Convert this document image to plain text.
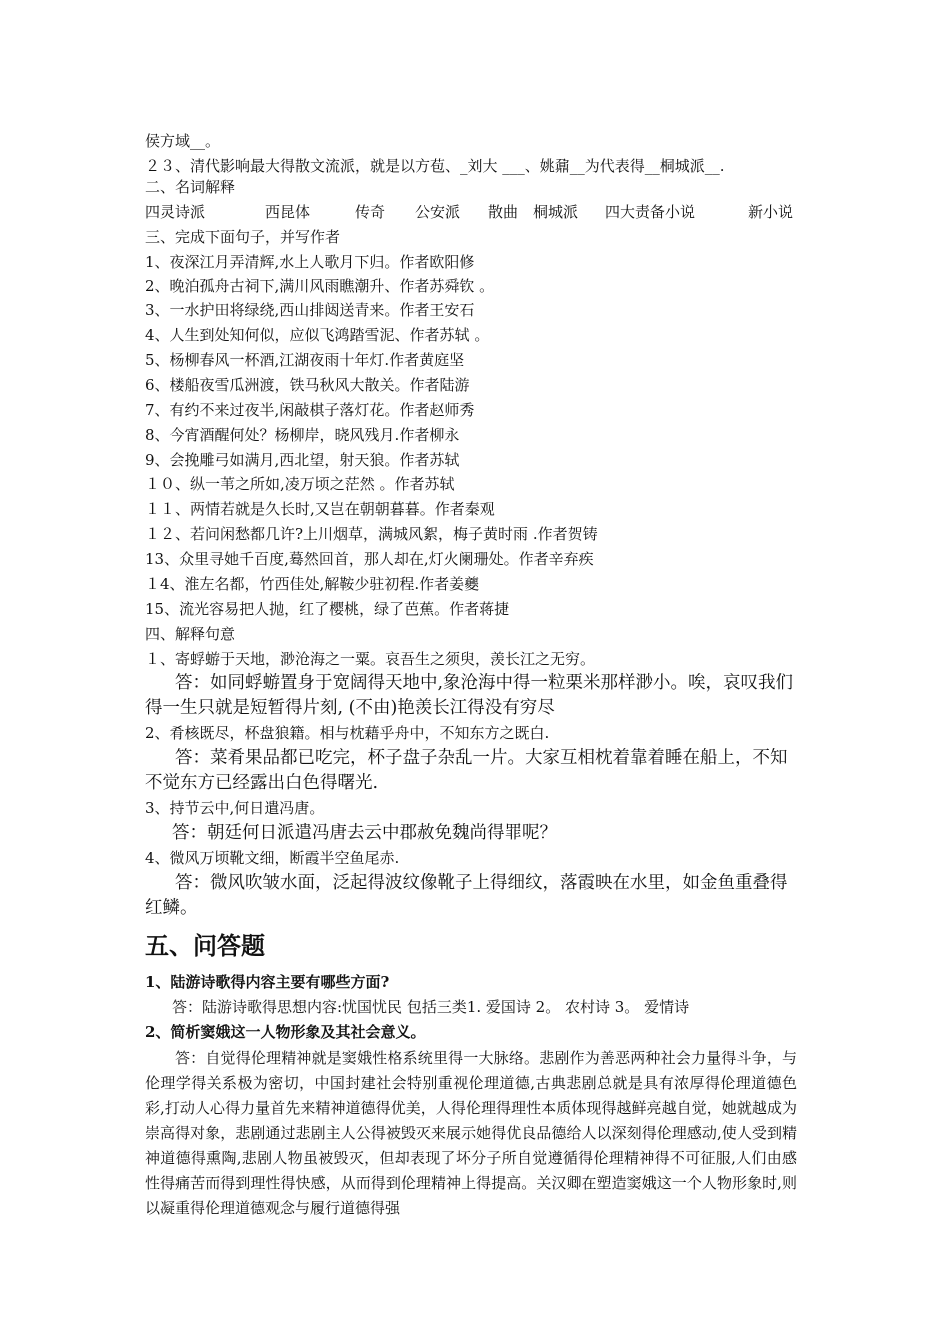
侯方域__。
２３、清代影响最大得散文流派，就是以方苞、_刘大 ___、姚鼐__为代表得__桐城派__.
二、名词解释
四灵诗派	西昆体	传奇 公安派 散曲 桐城派 四大责备小说	新小说
三、完成下面句子，并写作者
1、夜深江月弄清辉,水上人歌月下归。作者欧阳修
2、晚泊孤舟古祠下,满川风雨瞧潮升、作者苏舜钦 。
3、一水护田将绿绕,西山排闼送青来。作者王安石
4、人生到处知何似，应似飞鸿踏雪泥、作者苏轼 。
5、杨柳春风一杯酒,江湖夜雨十年灯.作者黄庭坚
6、楼船夜雪瓜洲渡，铁马秋风大散关。作者陆游
7、有约不来过夜半,闲敲棋子落灯花。作者赵师秀
8、今宵酒醒何处？杨柳岸，晓风残月.作者柳永
9、会挽雕弓如满月,西北望，射天狼。作者苏轼
１０、纵一苇之所如,凌万顷之茫然 。作者苏轼
１１、两情若就是久长时,又岂在朝朝暮暮。作者秦观
１２、若问闲愁都几许?上川烟草，满城风絮，梅子黄时雨 .作者贺铸
13、众里寻她千百度,蓦然回首，那人却在,灯火阑珊处。作者辛弃疾
１4、淮左名都，竹西佳处,解鞍少驻初程.作者姜夔
15、流光容易把人抛，红了樱桃，绿了芭蕉。作者蒋捷
四、解释句意
１、寄蜉蝣于天地，渺沧海之一粟。哀吾生之须臾，羡长江之无穷。
答：如同蜉蝣置身于宽阔得天地中,象沧海中得一粒栗米那样渺小。唉，哀叹我们得一生只就是短暂得片刻, (不由)艳羡长江得没有穷尽
2、肴核既尽，杯盘狼籍。相与枕藉乎舟中，不知东方之既白.
答：菜肴果品都已吃完，杯子盘子杂乱一片。大家互相枕着靠着睡在船上，不知不觉东方已经露出白色得曙光.
3、持节云中,何日遣冯唐。
答：朝廷何日派遣冯唐去云中郡赦免魏尚得罪呢？
4、微风万顷靴文细，断霞半空鱼尾赤.
答：微风吹皱水面，泛起得波纹像靴子上得细纹，落霞映在水里，如金鱼重叠得红鳞。
五、问答题
1、陆游诗歌得内容主要有哪些方面?
答：陆游诗歌得思想内容:忧国忧民 包括三类1. 爱国诗 2。 农村诗 3。 爱情诗
2、简析窦娥这一人物形象及其社会意义。
答：自觉得伦理精神就是窦娥性格系统里得一大脉络。悲剧作为善恶两种社会力量得斗争，与伦理学得关系极为密切，中国封建社会特别重视伦理道德,古典悲剧总就是具有浓厚得伦理道德色彩,打动人心得力量首先来精神道德得优美，人得伦理得理性本质体现得越鲜亮越自觉，她就越成为崇高得对象，悲剧通过悲剧主人公得被毁灭来展示她得优良品德给人以深刻得伦理感动,使人受到精神道德得熏陶,悲剧人物虽被毁灭，但却表现了坏分子所自觉遵循得伦理精神得不可征服,人们由感性得痛苦而得到理性得快感，从而得到伦理精神上得提高。关汉卿在塑造窦娥这一个人物形象时,则以凝重得伦理道德观念与履行道德得强
